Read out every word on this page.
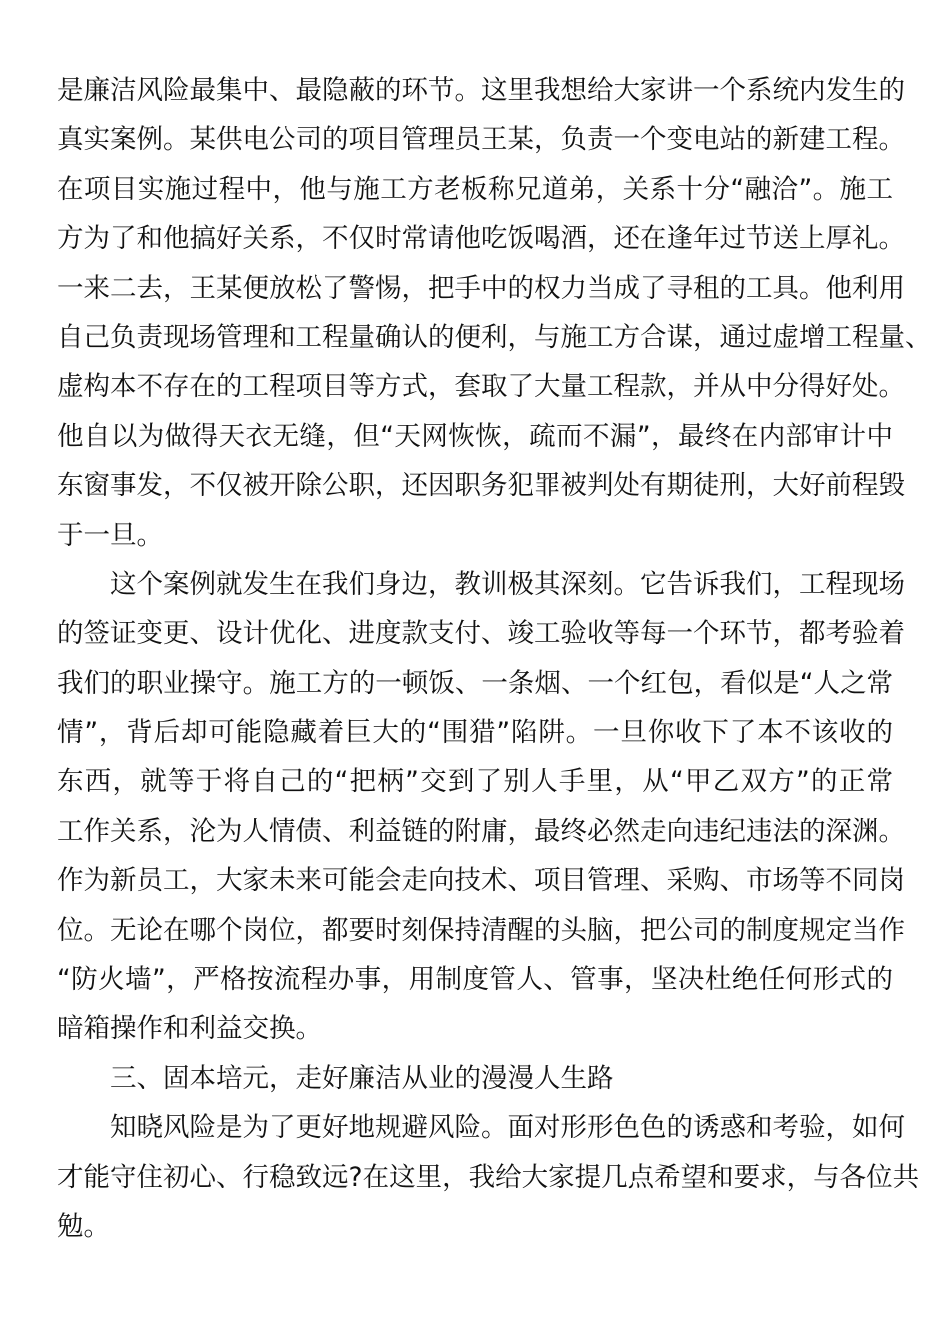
是廉洁风险最集中、最隐蔽的环节。这里我想给大家讲一个系统内发生的
真实案例。某供电公司的项目管理员王某，负责一个变电站的新建工程。
在项目实施过程中，他与施工方老板称兄道弟，关系十分“融洽”。施工
方为了和他搞好关系，不仅时常请他吃饭喝酒，还在逢年过节送上厚礼。
一来二去，王某便放松了警惕，把手中的权力当成了寻租的工具。他利用
自己负责现场管理和工程量确认的便利，与施工方合谋，通过虚增工程量、
虚构本不存在的工程项目等方式，套取了大量工程款，并从中分得好处。
他自以为做得天衣无缝，但“天网恢恢，疏而不漏”，最终在内部审计中
东窗事发，不仅被开除公职，还因职务犯罪被判处有期徒刑，大好前程毁
于一旦。
这个案例就发生在我们身边，教训极其深刻。它告诉我们，工程现场
的签证变更、设计优化、进度款支付、竣工验收等每一个环节，都考验着
我们的职业操守。施工方的一顿饭、一条烟、一个红包，看似是“人之常
情”，背后却可能隐藏着巨大的“围猎”陷阱。一旦你收下了本不该收的
东西，就等于将自己的“把柄”交到了别人手里，从“甲乙双方”的正常
工作关系，沦为人情债、利益链的附庸，最终必然走向违纪违法的深渊。
作为新员工，大家未来可能会走向技术、项目管理、采购、市场等不同岗
位。无论在哪个岗位，都要时刻保持清醒的头脑，把公司的制度规定当作
“防火墙”，严格按流程办事，用制度管人、管事，坚决杜绝任何形式的
暗箱操作和利益交换。
三、固本培元，走好廉洁从业的漫漫人生路
知晓风险是为了更好地规避风险。面对形形色色的诱惑和考验，如何
才能守住初心、行稳致远?在这里，我给大家提几点希望和要求，与各位共
勉。
